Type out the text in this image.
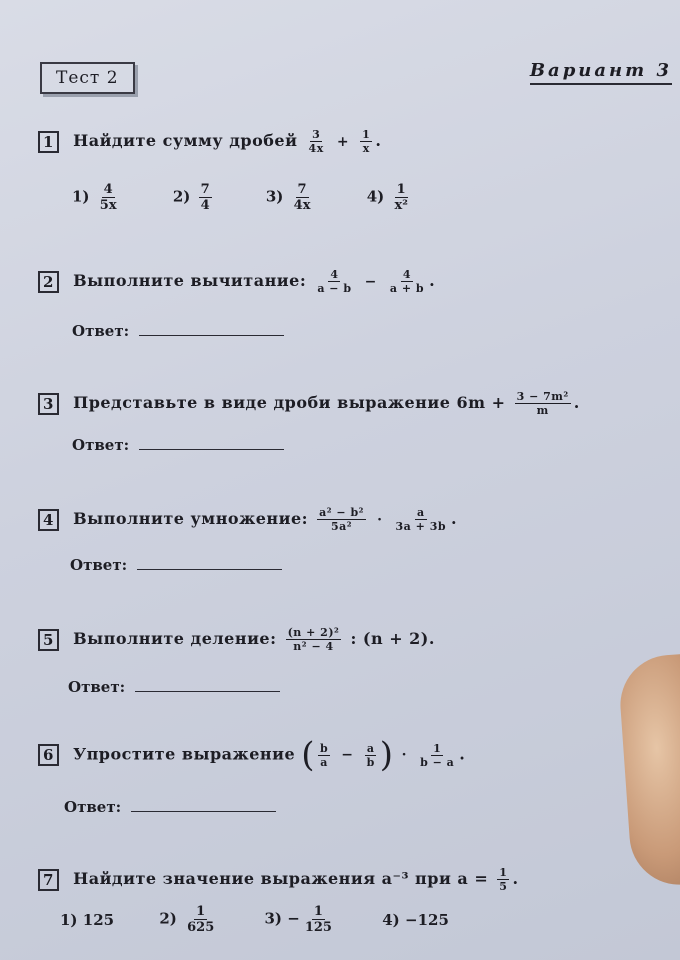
Тест 2	Вариант 3
1 Найдите сумму дробей $\frac{3}{4x} + \frac{1}{x}$ .
$1) \frac{4}{5x}$	$2) \frac{7}{4}$	$3) \frac{7}{4x}$	$4) \frac{1}{\text{x²}}$
2 Выполните вычитание: $\frac{4}{a - b} - \frac{4}{a + b}$ .
Ответ:
3 Представьте в виде дроби выражение $6m + \frac{\text{3 − 7m²}}{m}$ .
Ответ:
4 Выполните умножение: $\frac{\text{a² − b²}}{\text{5a²}} \cdot \frac{a}{3a + 3b}$ .
Ответ:
5 Выполните деление: $\frac{\text{(n + 2)²}}{\text{n² − 4}}$ : (n + 2).
Ответ:
6 Упростите выражение ( $\frac{b}{a} - \frac{a}{b}$ ) · $\frac{1}{b - a}$ .
Ответ:
7 Найдите значение выражения a⁻³ при $a = \frac{1}{5}$ .
1) 125	$2) \frac{1}{625}$	$3) - \frac{1}{125}$	4) −125
